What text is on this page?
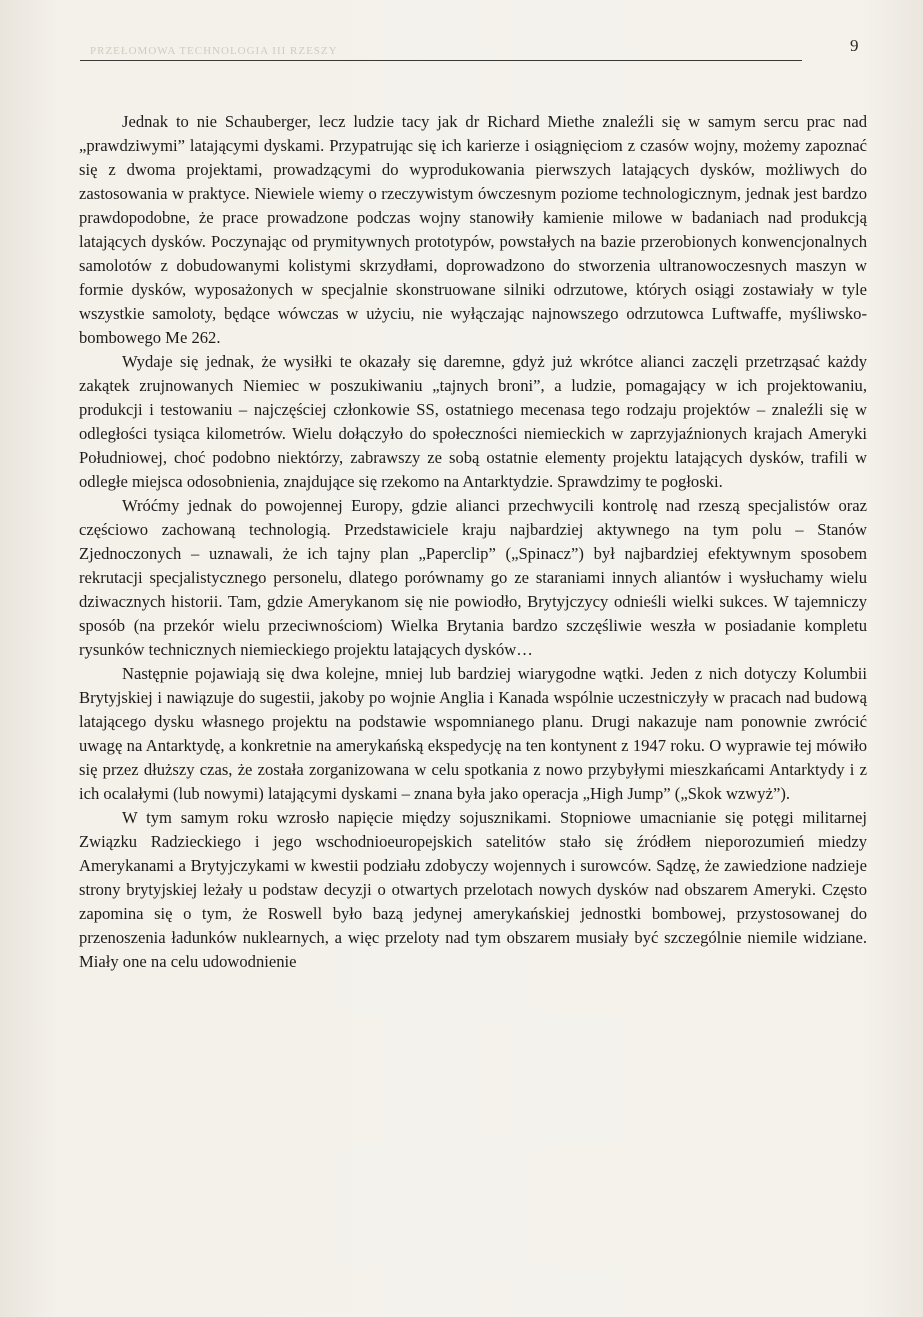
PRZEŁOMOWA TECHNOLOGIA III RZESZY	9

Jednak to nie Schauberger, lecz ludzie tacy jak dr Richard Miethe znaleźli się w samym sercu prac nad „prawdziwymi” latającymi dyskami. Przypatrując się ich karierze i osiągnięciom z czasów wojny, możemy zapoznać się z dwoma projektami, prowadzącymi do wyprodukowania pierwszych latających dysków, możliwych do zastosowania w praktyce. Niewiele wiemy o rzeczywistym ówczesnym poziome technologicznym, jednak jest bardzo prawdopodobne, że prace prowadzone podczas wojny stanowiły kamienie milowe w badaniach nad produkcją latających dysków. Poczynając od prymitywnych prototypów, powstałych na bazie przerobionych konwencjonalnych samolotów z dobudowanymi kolistymi skrzydłami, doprowadzono do stworzenia ultranowoczesnych maszyn w formie dysków, wyposażonych w specjalnie skonstruowane silniki odrzutowe, których osiągi zostawiały w tyle wszystkie samoloty, będące wówczas w użyciu, nie wyłączając najnowszego odrzutowca Luftwaffe, myśliwsko-bombowego Me 262.

Wydaje się jednak, że wysiłki te okazały się daremne, gdyż już wkrótce alianci zaczęli przetrząsać każdy zakątek zrujnowanych Niemiec w poszukiwaniu „tajnych broni”, a ludzie, pomagający w ich projektowaniu, produkcji i testowaniu – najczęściej członkowie SS, ostatniego mecenasa tego rodzaju projektów – znaleźli się w odległości tysiąca kilometrów. Wielu dołączyło do społeczności niemieckich w zaprzyjaźnionych krajach Ameryki Południowej, choć podobno niektórzy, zabrawszy ze sobą ostatnie elementy projektu latających dysków, trafili w odległe miejsca odosobnienia, znajdujące się rzekomo na Antarktydzie. Sprawdzimy te pogłoski.

Wróćmy jednak do powojennej Europy, gdzie alianci przechwycili kontrolę nad rzeszą specjalistów oraz częściowo zachowaną technologią. Przedstawiciele kraju najbardziej aktywnego na tym polu – Stanów Zjednoczonych – uznawali, że ich tajny plan „Paperclip” („Spinacz”) był najbardziej efektywnym sposobem rekrutacji specjalistycznego personelu, dlatego porównamy go ze staraniami innych aliantów i wysłuchamy wielu dziwacznych historii. Tam, gdzie Amerykanom się nie powiodło, Brytyjczycy odnieśli wielki sukces. W tajemniczy sposób (na przekór wielu przeciwnościom) Wielka Brytania bardzo szczęśliwie weszła w posiadanie kompletu rysunków technicznych niemieckiego projektu latających dysków…

Następnie pojawiają się dwa kolejne, mniej lub bardziej wiarygodne wątki. Jeden z nich dotyczy Kolumbii Brytyjskiej i nawiązuje do sugestii, jakoby po wojnie Anglia i Kanada wspólnie uczestniczyły w pracach nad budową latającego dysku własnego projektu na podstawie wspomnianego planu. Drugi nakazuje nam ponownie zwrócić uwagę na Antarktydę, a konkretnie na amerykańską ekspedycję na ten kontynent z 1947 roku. O wyprawie tej mówiło się przez dłuższy czas, że została zorganizowana w celu spotkania z nowo przybyłymi mieszkańcami Antarktydy i z ich ocalałymi (lub nowymi) latającymi dyskami – znana była jako operacja „High Jump” („Skok wzwyż”).

W tym samym roku wzrosło napięcie między sojusznikami. Stopniowe umacnianie się potęgi militarnej Związku Radzieckiego i jego wschodnioeuropejskich satelitów stało się źródłem nieporozumień miedzy Amerykanami a Brytyjczykami w kwestii podziału zdobyczy wojennych i surowców. Sądzę, że zawiedzione nadzieje strony brytyjskiej leżały u podstaw decyzji o otwartych przelotach nowych dysków nad obszarem Ameryki. Często zapomina się o tym, że Roswell było bazą jedynej amerykańskiej jednostki bombowej, przystosowanej do przenoszenia ładunków nuklearnych, a więc przeloty nad tym obszarem musiały być szczególnie niemile widziane. Miały one na celu udowodnienie
